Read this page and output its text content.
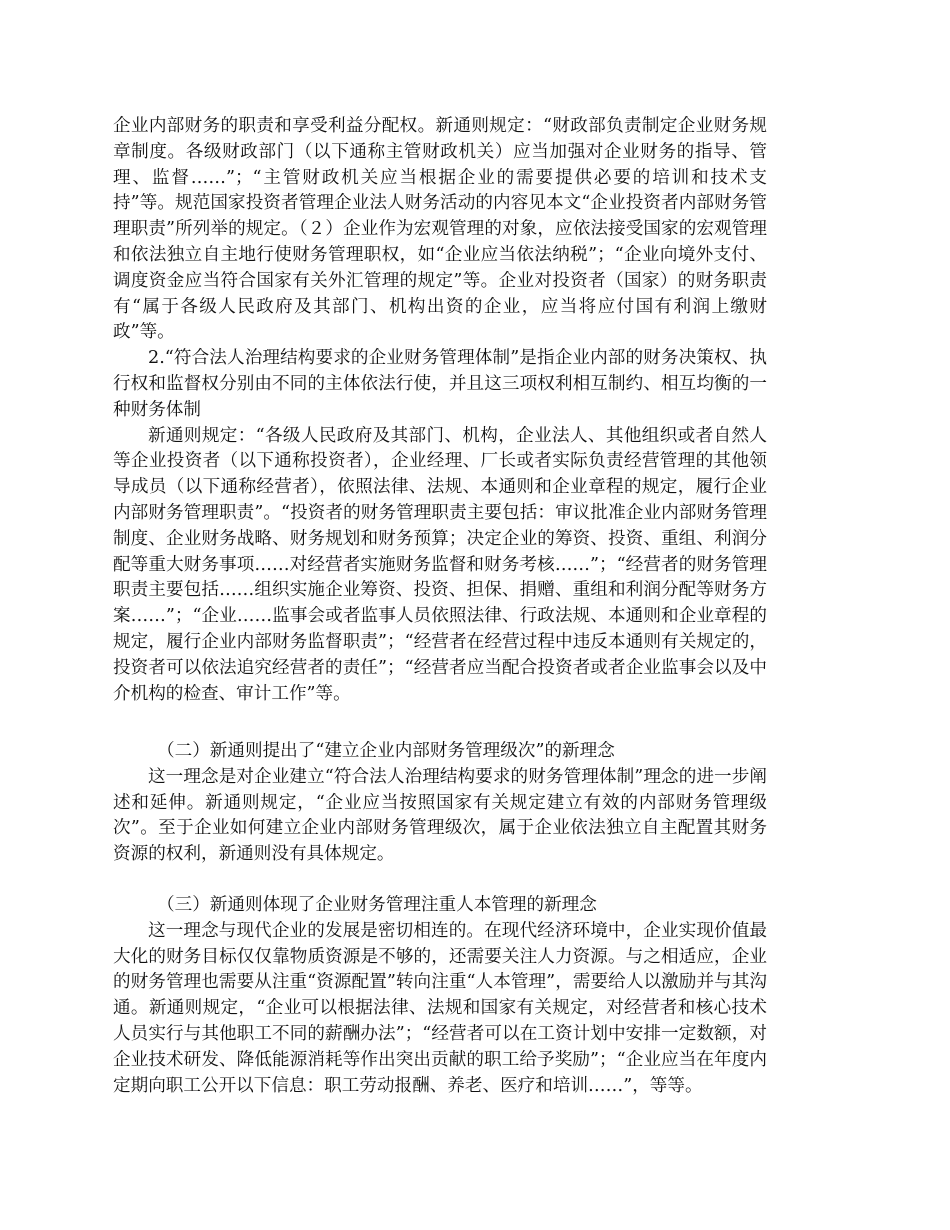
企业内部财务的职责和享受利益分配权。新通则规定：“财政部负责制定企业财务规章制度。各级财政部门（以下通称主管财政机关）应当加强对企业财务的指导、管理、监督……”；“主管财政机关应当根据企业的需要提供必要的培训和技术支持”等。规范国家投资者管理企业法人财务活动的内容见本文“企业投资者内部财务管理职责”所列举的规定。（２）企业作为宏观管理的对象，应依法接受国家的宏观管理和依法独立自主地行使财务管理职权，如“企业应当依法纳税”；“企业向境外支付、调度资金应当符合国家有关外汇管理的规定”等。企业对投资者（国家）的财务职责有“属于各级人民政府及其部门、机构出资的企业，应当将应付国有利润上缴财政”等。

2.“符合法人治理结构要求的企业财务管理体制”是指企业内部的财务决策权、执行权和监督权分别由不同的主体依法行使，并且这三项权利相互制约、相互均衡的一种财务体制

新通则规定：“各级人民政府及其部门、机构，企业法人、其他组织或者自然人等企业投资者（以下通称投资者），企业经理、厂长或者实际负责经营管理的其他领导成员（以下通称经营者），依照法律、法规、本通则和企业章程的规定，履行企业内部财务管理职责”。“投资者的财务管理职责主要包括：审议批准企业内部财务管理制度、企业财务战略、财务规划和财务预算；决定企业的筹资、投资、重组、利润分配等重大财务事项……对经营者实施财务监督和财务考核……”；“经营者的财务管理职责主要包括……组织实施企业筹资、投资、担保、捐赠、重组和利润分配等财务方案……”；“企业……监事会或者监事人员依照法律、行政法规、本通则和企业章程的规定，履行企业内部财务监督职责”；“经营者在经营过程中违反本通则有关规定的，投资者可以依法追究经营者的责任”；“经营者应当配合投资者或者企业监事会以及中介机构的检查、审计工作”等。

（二）新通则提出了“建立企业内部财务管理级次”的新理念

这一理念是对企业建立“符合法人治理结构要求的财务管理体制”理念的进一步阐述和延伸。新通则规定，“企业应当按照国家有关规定建立有效的内部财务管理级次”。至于企业如何建立企业内部财务管理级次，属于企业依法独立自主配置其财务资源的权利，新通则没有具体规定。

（三）新通则体现了企业财务管理注重人本管理的新理念

这一理念与现代企业的发展是密切相连的。在现代经济环境中，企业实现价值最大化的财务目标仅仅靠物质资源是不够的，还需要关注人力资源。与之相适应，企业的财务管理也需要从注重“资源配置”转向注重“人本管理”，需要给人以激励并与其沟通。新通则规定，“企业可以根据法律、法规和国家有关规定，对经营者和核心技术人员实行与其他职工不同的薪酬办法”；“经营者可以在工资计划中安排一定数额，对企业技术研发、降低能源消耗等作出突出贡献的职工给予奖励”；“企业应当在年度内定期向职工公开以下信息：职工劳动报酬、养老、医疗和培训……”，等等。
